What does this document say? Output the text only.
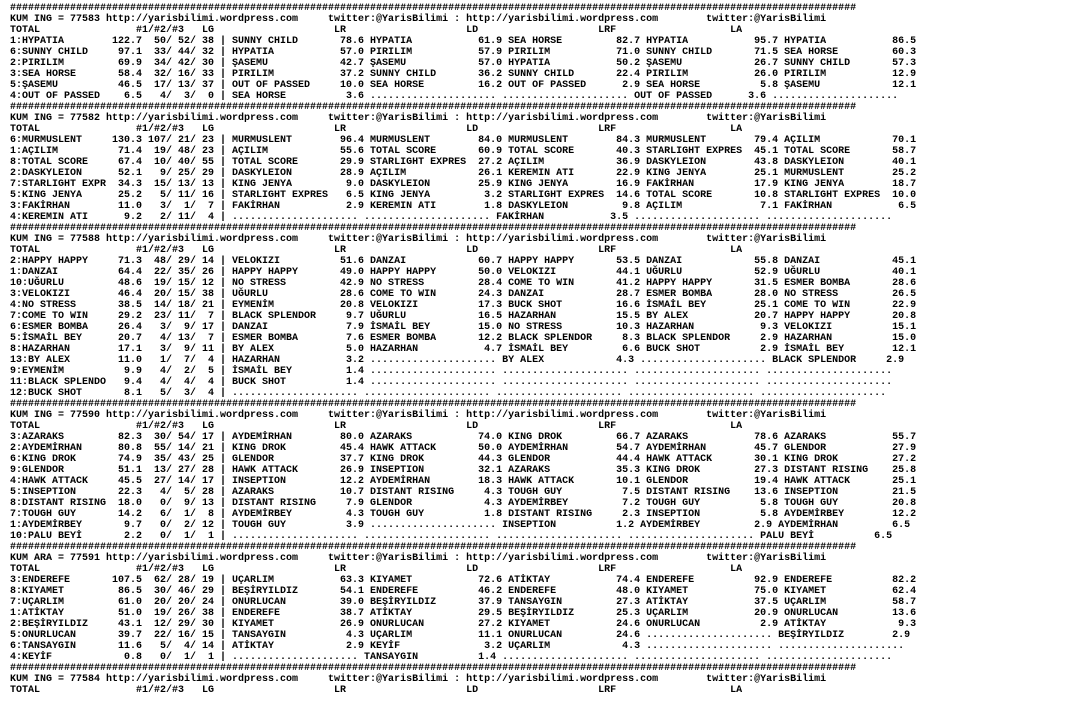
#############################################################################################################################################
KUM ING = 77583 http://yarisbilimi.wordpress.com     twitter:@YarisBilimi : http://yarisbilimi.wordpress.com        twitter:@YarisBilimi
TOTAL                #1/#2/#3   LG                    LR                    LD                    LRF                   LA
1:HYPATIA        122.7  50/ 52/ 38 | SUNNY CHILD       78.6 HYPATIA           61.9 SEA HORSE         82.7 HYPATIA           95.7 HYPATIA           86.5
6:SUNNY CHILD     97.1  33/ 44/ 32 | HYPATIA           57.0 PIRILIM           57.9 PIRILIM           71.0 SUNNY CHILD       71.5 SEA HORSE         60.3
2:PIRILIM         69.9  34/ 42/ 30 | ŞASEMU            42.7 ŞASEMU            57.0 HYPATIA           50.2 ŞASEMU            26.7 SUNNY CHILD       57.3
3:SEA HORSE       58.4  32/ 16/ 33 | PIRILIM           37.2 SUNNY CHILD       36.2 SUNNY CHILD       22.4 PIRILIM           26.0 PIRILIM           12.9
5:ŞASEMU          46.5  17/ 13/ 37 | OUT OF PASSED     10.0 SEA HORSE         16.2 OUT OF PASSED      2.9 SEA HORSE          5.8 ŞASEMU            12.1
4:OUT OF PASSED    6.5   4/  3/  0 | SEA HORSE          3.6 ..................... ..................... OUT OF PASSED      3.6 .....................
#############################################################################################################################################
KUM ING = 77582 http://yarisbilimi.wordpress.com     twitter:@YarisBilimi : http://yarisbilimi.wordpress.com        twitter:@YarisBilimi
TOTAL                #1/#2/#3   LG                    LR                    LD                    LRF                   LA
6:MURMUSLENT     130.3 107/ 21/ 23 | MURMUSLENT        96.4 MURMUSLENT        84.0 MURMUSLENT        84.3 MURMUSLENT        79.4 AÇILIM            70.1
1:AÇILIM          71.4  19/ 48/ 23 | AÇILIM            55.6 TOTAL SCORE       60.9 TOTAL SCORE       40.3 STARLIGHT EXPRES  45.1 TOTAL SCORE       58.7
8:TOTAL SCORE     67.4  10/ 40/ 55 | TOTAL SCORE       29.9 STARLIGHT EXPRES  27.2 AÇILIM            36.9 DASKYLEION        43.8 DASKYLEION        40.1
2:DASKYLEION      52.1   9/ 25/ 29 | DASKYLEION        28.9 AÇILIM            26.1 KEREMIN ATI       22.9 KING JENYA        25.1 MURMUSLENT        25.2
7:STARLIGHT EXPR  34.3  15/ 13/ 13 | KING JENYA         9.0 DASKYLEION        25.9 KING JENYA        16.9 FAKİRHAN          17.9 KING JENYA        18.7
5:KING JENYA      25.2   5/ 11/ 16 | STARLIGHT EXPRES   6.5 KING JENYA         3.2 STARLIGHT EXPRES  14.6 TOTAL SCORE       10.8 STARLIGHT EXPRES  10.0
3:FAKİRHAN        11.0   3/  1/  7 | FAKİRHAN           2.9 KEREMIN ATI        1.8 DASKYLEION         9.8 AÇILIM             7.1 FAKİRHAN           6.5
4:KEREMIN ATI      9.2   2/ 11/  4 | ..................... ..................... FAKİRHAN           3.5 ..................... .....................
#############################################################################################################################################
KUM ING = 77588 http://yarisbilimi.wordpress.com     twitter:@YarisBilimi : http://yarisbilimi.wordpress.com        twitter:@YarisBilimi
TOTAL                #1/#2/#3   LG                    LR                    LD                    LRF                   LA
2:HAPPY HAPPY     71.3  48/ 29/ 14 | VELOKIZI          51.6 DANZAI            60.7 HAPPY HAPPY       53.5 DANZAI            55.8 DANZAI            45.1
1:DANZAI          64.4  22/ 35/ 26 | HAPPY HAPPY       49.0 HAPPY HAPPY       50.0 VELOKIZI          44.1 UĞURLU            52.9 UĞURLU            40.1
10:UĞURLU         48.6  19/ 15/ 12 | NO STRESS         42.9 NO STRESS         28.4 COME TO WIN       41.2 HAPPY HAPPY       31.5 ESMER BOMBA       28.6
3:VELOKIZI        46.4  20/ 15/ 38 | UĞURLU            28.6 COME TO WIN       24.3 DANZAI            28.7 ESMER BOMBA       28.0 NO STRESS         26.5
4:NO STRESS       38.5  14/ 18/ 21 | EYMENİM           20.8 VELOKIZI          17.3 BUCK SHOT         16.6 İSMAİL BEY        25.1 COME TO WIN       22.9
7:COME TO WIN     29.2  23/ 11/  7 | BLACK SPLENDOR     9.7 UĞURLU            16.5 HAZARHAN          15.5 BY ALEX           20.7 HAPPY HAPPY       20.8
6:ESMER BOMBA     26.4   3/  9/ 17 | DANZAI             7.9 İSMAİL BEY        15.0 NO STRESS         10.3 HAZARHAN           9.3 VELOKIZI          15.1
5:İSMAİL BEY      20.7   4/ 13/  7 | ESMER BOMBA        7.6 ESMER BOMBA       12.2 BLACK SPLENDOR     8.3 BLACK SPLENDOR     2.9 HAZARHAN          15.0
8:HAZARHAN        17.1   3/  9/ 11 | BY ALEX            5.0 HAZARHAN           4.7 İSMAİL BEY         6.6 BUCK SHOT          2.9 İSMAİL BEY        12.1
13:BY ALEX        11.0   1/  7/  4 | HAZARHAN           3.2 ..................... BY ALEX            4.3 ..................... BLACK SPLENDOR     2.9
9:EYMENİM          9.9   4/  2/  5 | İSMAİL BEY         1.4 ..................... ..................... ..................... .....................
11:BLACK SPLENDO   9.4   4/  4/  4 | BUCK SHOT          1.4 ..................... ..................... ..................... .....................
12:BUCK SHOT       8.1   5/  3/  4 | ..................... ..................... ..................... ..................... .....................
#############################################################################################################################################
KUM ING = 77590 http://yarisbilimi.wordpress.com     twitter:@YarisBilimi : http://yarisbilimi.wordpress.com        twitter:@YarisBilimi
TOTAL                #1/#2/#3   LG                    LR                    LD                    LRF                   LA
3:AZARAKS         82.3  30/ 54/ 17 | AYDEMİRHAN        80.0 AZARAKS           74.0 KING DROK         66.7 AZARAKS           78.6 AZARAKS           55.7
2:AYDEMİRHAN      80.8  55/ 14/ 21 | KING DROK         45.4 HAWK ATTACK       50.0 AYDEMİRHAN        54.7 AYDEMİRHAN        45.7 GLENDOR           27.9
6:KING DROK       74.9  35/ 43/ 25 | GLENDOR           37.7 KING DROK         44.3 GLENDOR           44.4 HAWK ATTACK       30.1 KING DROK         27.2
9:GLENDOR         51.1  13/ 27/ 28 | HAWK ATTACK       26.9 INSEPTION         32.1 AZARAKS           35.3 KING DROK         27.3 DISTANT RISING    25.8
4:HAWK ATTACK     45.5  27/ 14/ 17 | INSEPTION         12.2 AYDEMİRHAN        18.3 HAWK ATTACK       10.1 GLENDOR           19.4 HAWK ATTACK       25.1
5:INSEPTION       22.3   4/  5/ 28 | AZARAKS           10.7 DISTANT RISING     4.3 TOUGH GUY          7.5 DISTANT RISING    13.6 INSEPTION         21.5
8:DISTANT RISING  18.0   0/  9/ 13 | DISTANT RISING     7.9 GLENDOR            4.3 AYDEMİRBEY         7.2 TOUGH GUY          5.8 TOUGH GUY         20.8
7:TOUGH GUY       14.2   6/  1/  8 | AYDEMİRBEY         4.3 TOUGH GUY          1.8 DISTANT RISING     2.3 INSEPTION          5.8 AYDEMİRBEY        12.2
1:AYDEMİRBEY       9.7   0/  2/ 12 | TOUGH GUY          3.9 ..................... INSEPTION          1.2 AYDEMİRBEY         2.9 AYDEMİRHAN         6.5
10:PALU BEYİ       2.2   0/  1/  1 | ..................... ..................... ..................... ..................... PALU BEYİ          6.5
#############################################################################################################################################
KUM ARA = 77591 http://yarisbilimi.wordpress.com     twitter:@YarisBilimi : http://yarisbilimi.wordpress.com        twitter:@YarisBilimi
TOTAL                #1/#2/#3   LG                    LR                    LD                    LRF                   LA
3:ENDEREFE       107.5  62/ 28/ 19 | UÇARLIM           63.3 KIYAMET           72.6 ATİKTAY           74.4 ENDEREFE          92.9 ENDEREFE          82.2
8:KIYAMET         86.5  30/ 46/ 29 | BEŞİRYILDIZ       54.1 ENDEREFE          46.2 ENDEREFE          48.0 KIYAMET           75.0 KIYAMET           62.4
7:UÇARLIM         61.0  20/ 20/ 24 | ONURLUCAN         39.0 BEŞİRYILDIZ       37.9 TANSAYGIN         27.3 ATİKTAY           37.5 UÇARLIM           58.7
1:ATİKTAY         51.0  19/ 26/ 38 | ENDEREFE          38.7 ATİKTAY           29.5 BEŞİRYILDIZ       25.3 UÇARLIM           20.9 ONURLUCAN         13.6
2:BEŞİRYILDIZ     43.1  12/ 29/ 30 | KIYAMET           26.9 ONURLUCAN         27.2 KIYAMET           24.6 ONURLUCAN          2.9 ATİKTAY            9.3
5:ONURLUCAN       39.7  22/ 16/ 15 | TANSAYGIN          4.3 UÇARLIM           11.1 ONURLUCAN         24.6 ..................... BEŞİRYILDIZ        2.9
6:TANSAYGIN       11.6   5/  4/ 14 | ATİKTAY            2.9 KEYİF              3.2 UÇARLIM            4.3 ..................... .....................
4:KEYİF            0.8   0/  1/  1 | ..................... TANSAYGIN          1.4 ..................... ..................... .....................
#############################################################################################################################################
KUM ING = 77584 http://yarisbilimi.wordpress.com     twitter:@YarisBilimi : http://yarisbilimi.wordpress.com        twitter:@YarisBilimi
TOTAL                #1/#2/#3   LG                    LR                    LD                    LRF                   LA
